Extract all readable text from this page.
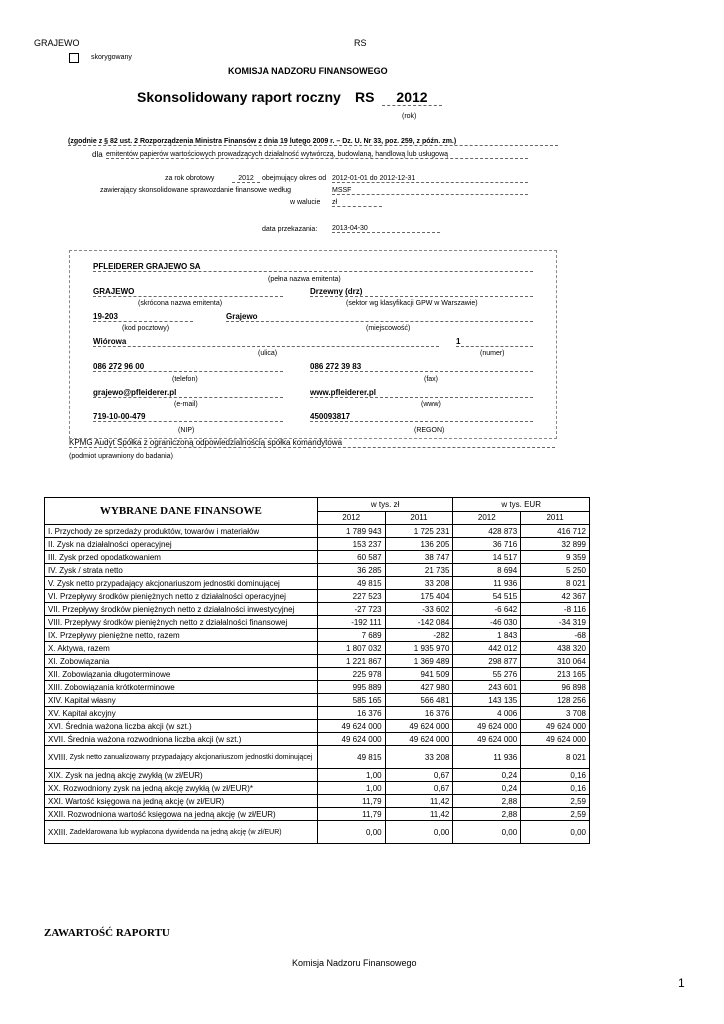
GRAJEWO	RS
skorygowany
KOMISJA NADZORU FINANSOWEGO
Skonsolidowany raport roczny RS	2012
(rok)
(zgodnie z § 82 ust. 2 Rozporządzenia Ministra Finansów z dnia 19 lutego 2009 r. – Dz. U. Nr 33, poz. 259, z późn. zm.)
dla emitentów papierów wartościowych prowadzących działalność wytwórczą, budowlaną, handlową lub usługową
za rok obrotowy	2012	obejmujący okres od 2012-01-01 do 2012-12-31
zawierający skonsolidowane sprawozdanie finansowe według	MSSF
w walucie zł
data przekazania: 2013-04-30
PFLEIDERER GRAJEWO SA
(pełna nazwa emitenta)
GRAJEWO	Drzewny (drz)
(skrócona nazwa emitenta)	(sektor wg klasyfikacji GPW w Warszawie)
19-203	Grajewo
(kod pocztowy)	(miejscowość)
Wiórowa	1
(ulica)	(numer)
086 272 96 00	086 272 39 83
(telefon)	(fax)
grajewo@pfleiderer.pl	www.pfleiderer.pl
(e-mail)	(www)
719-10-00-479	450093817
(NIP)	(REGON)
KPMG Audyt Spółka z ograniczoną odpowiedzialnością spółka komandytowa
(podmiot uprawniony do badania)
WYBRANE DANE FINANSOWE	w tys. zł		w tys. EUR	
	2012	2011	2012	2011
I. Przychody ze sprzedaży produktów, towarów i materiałów	1 789 943	1 725 231	428 873	416 712
II. Zysk na działalności operacyjnej	153 237	136 205	36 716	32 899
III. Zysk przed opodatkowaniem	60 587	38 747	14 517	9 359
IV. Zysk / strata netto	36 285	21 735	8 694	5 250
V. Zysk netto przypadający akcjonariuszom jednostki dominującej	49 815	33 208	11 936	8 021
VI. Przepływy środków pieniężnych netto z działalności operacyjnej	227 523	175 404	54 515	42 367
VII. Przepływy środków pieniężnych netto z działalności inwestycyjnej	-27 723	-33 602	-6 642	-8 116
VIII. Przepływy środków pieniężnych netto z działalności finansowej	-192 111	-142 084	-46 030	-34 319
IX. Przepływy pieniężne netto, razem	7 689	-282	1 843	-68
X. Aktywa, razem	1 807 032	1 935 970	442 012	438 320
XI. Zobowiązania	1 221 867	1 369 489	298 877	310 064
XII. Zobowiązania długoterminowe	225 978	941 509	55 276	213 165
XIII. Zobowiązania krótkoterminowe	995 889	427 980	243 601	96 898
XIV. Kapitał własny	585 165	566 481	143 135	128 256
XV. Kapitał akcyjny	16 376	16 376	4 006	3 708
XVI. Średnia ważona liczba akcji (w szt.)	49 624 000	49 624 000	49 624 000	49 624 000
XVII. Średnia ważona rozwodniona liczba akcji (w szt.)	49 624 000	49 624 000	49 624 000	49 624 000

XVIII. Zysk netto zanualizowany przypadający akcjonariuszom jednostki dominującej	49 815	33 208	11 936	8 021
XIX. Zysk na jedną akcję zwykłą (w zł/EUR)	1,00	0,67	0,24	0,16
XX. Rozwodniony zysk na jedną akcję zwykłą (w zł/EUR)*	1,00	0,67	0,24	0,16
XXI. Wartość księgowa na jedną akcję (w zł/EUR)	11,79	11,42	2,88	2,59
XXII. Rozwodniona wartość księgowa na jedną akcję (w zł/EUR)	11,79	11,42	2,88	2,59

XXIII. Zadeklarowana lub wypłacona dywidenda na jedną akcję (w zł/EUR)	0,00	0,00	0,00	0,00
ZAWARTOŚĆ RAPORTU
Komisja Nadzoru Finansowego
1
